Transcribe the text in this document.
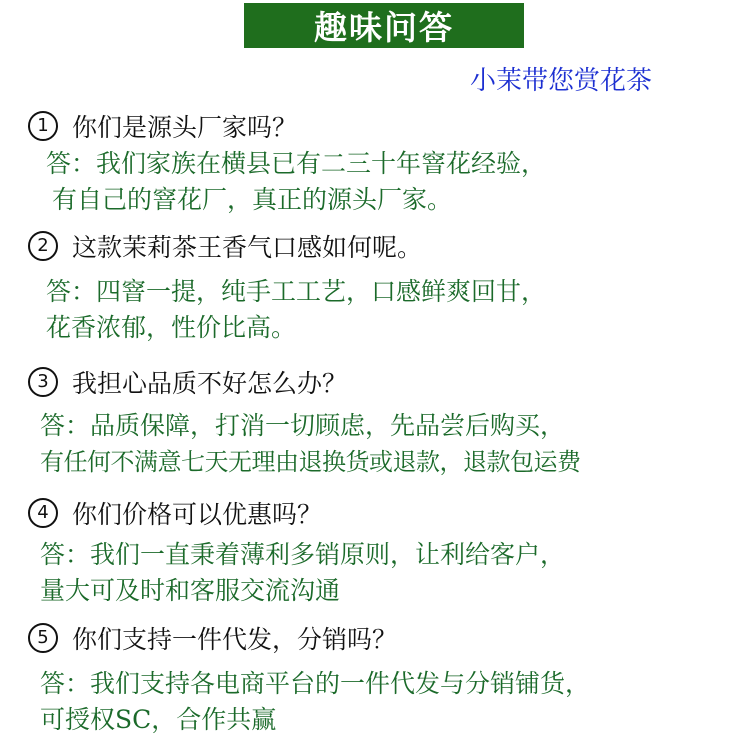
趣味问答
小茉带您赏花茶
1 你们是源头厂家吗？
答：我们家族在横县已有二三十年窨花经验，
有自己的窨花厂，真正的源头厂家。
2 这款茉莉茶王香气口感如何呢。
答：四窨一提，纯手工工艺，口感鲜爽回甘，
花香浓郁，性价比高。
3 我担心品质不好怎么办？
答：品质保障，打消一切顾虑，先品尝后购买，
有任何不满意七天无理由退换货或退款，退款包运费
4 你们价格可以优惠吗？
答：我们一直秉着薄利多销原则，让利给客户，
量大可及时和客服交流沟通
5 你们支持一件代发，分销吗？
答：我们支持各电商平台的一件代发与分销铺货，
可授权SC，合作共赢
